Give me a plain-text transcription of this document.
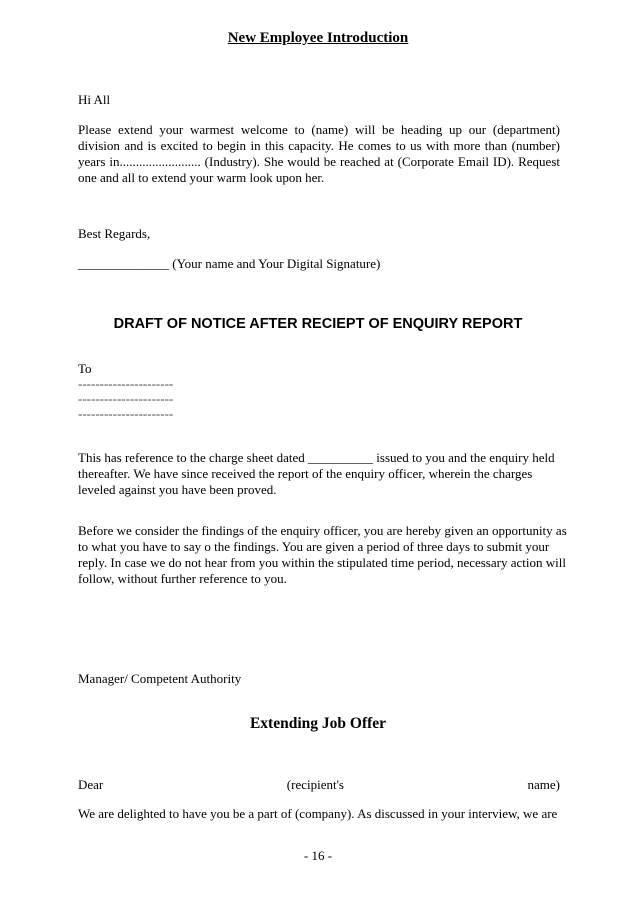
New Employee Introduction
Hi All
Please extend your warmest welcome to (name) will be heading up our (department) division and is excited to begin in this capacity. He comes to us with more than (number) years in......................... (Industry). She would be reached at (Corporate Email ID). Request one and all to extend your warm look upon her.
Best Regards,
______________ (Your name and Your Digital Signature)
DRAFT OF NOTICE AFTER RECIEPT OF ENQUIRY REPORT
To
----------------------
----------------------
----------------------
This has reference to the charge sheet dated __________ issued to you and the enquiry held thereafter. We have since received the report of the enquiry officer, wherein the charges leveled against you have been proved.
Before we consider the findings of the enquiry officer, you are hereby given an opportunity as to what you have to say o the findings. You are given a period of three days to submit your reply. In case we do not hear from you within the stipulated time period, necessary action will follow, without further reference to you.
Manager/ Competent Authority
Extending Job Offer
Dear	(recipient's	name)
We are delighted to have you be a part of (company). As discussed in your interview, we are
- 16 -
